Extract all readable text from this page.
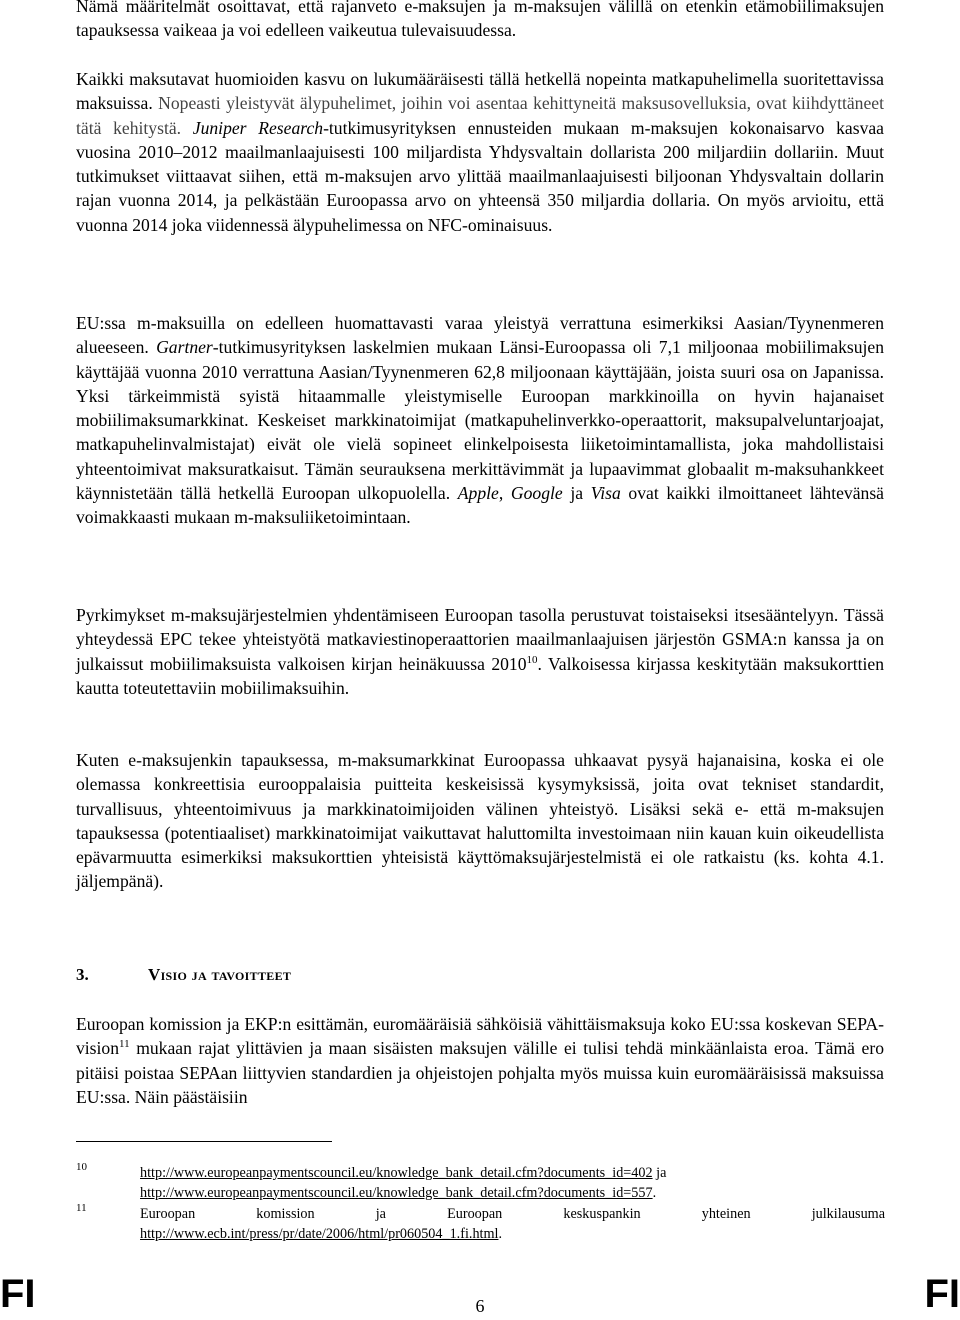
Nämä määritelmät osoittavat, että rajanveto e-maksujen ja m-maksujen välillä on etenkin etämobiilimaksujen tapauksessa vaikeaa ja voi edelleen vaikeutua tulevaisuudessa.

Kaikki maksutavat huomioiden kasvu on lukumääräisesti tällä hetkellä nopeinta matkapuhelimella suoritettavissa maksuissa. Nopeasti yleistyvät älypuhelimet, joihin voi asentaa kehittyneitä maksusovelluksia, ovat kiihdyttäneet tätä kehitystä. Juniper Research-tutkimusyrityksen ennusteiden mukaan m-maksujen kokonaisarvo kasvaa vuosina 2010–2012 maailmanlaajuisesti 100 miljardista Yhdysvaltain dollarista 200 miljardiin dollariin. Muut tutkimukset viittaavat siihen, että m-maksujen arvo ylittää maailmanlaajuisesti biljoonan Yhdysvaltain dollarin rajan vuonna 2014, ja pelkästään Euroopassa arvo on yhteensä 350 miljardia dollaria. On myös arvioitu, että vuonna 2014 joka viidennessä älypuhelimessa on NFC-ominaisuus.

EU:ssa m-maksuilla on edelleen huomattavasti varaa yleistyä verrattuna esimerkiksi Aasian/Tyynenmeren alueeseen. Gartner-tutkimusyrityksen laskelmien mukaan Länsi-Euroopassa oli 7,1 miljoonaa mobiilimaksujen käyttäjää vuonna 2010 verrattuna Aasian/Tyynenmeren 62,8 miljoonaan käyttäjään, joista suuri osa on Japanissa. Yksi tärkeimmistä syistä hitaammalle yleistymiselle Euroopan markkinoilla on hyvin hajanaiset mobiilimaksumarkkinat. Keskeiset markkinatoimijat (matkapuhelinverkko-operaattorit, maksupalveluntarjoajat, matkapuhelinvalmistajat) eivät ole vielä sopineet elinkelpoisesta liiketoimintamallista, joka mahdollistaisi yhteentoimivat maksuratkaisut. Tämän seurauksena merkittävimmät ja lupaavimmat globaalit m-maksuhankkeet käynnistetään tällä hetkellä Euroopan ulkopuolella. Apple, Google ja Visa ovat kaikki ilmoittaneet lähtevänsä voimakkaasti mukaan m-maksuliiketoimintaan.

Pyrkimykset m-maksujärjestelmien yhdentämiseen Euroopan tasolla perustuvat toistaiseksi itsesääntelyyn. Tässä yhteydessä EPC tekee yhteistyötä matkaviestinoperaattorien maailmanlaajuisen järjestön GSMA:n kanssa ja on julkaissut mobiilimaksuista valkoisen kirjan heinäkuussa 2010$^{10}$. Valkoisessa kirjassa keskitytään maksukorttien kautta toteutettaviin mobiilimaksuihin.

Kuten e-maksujenkin tapauksessa, m-maksumarkkinat Euroopassa uhkaavat pysyä hajanaisina, koska ei ole olemassa konkreettisia eurooppalaisia puitteita keskeisissä kysymyksissä, joita ovat tekniset standardit, turvallisuus, yhteentoimivuus ja markkinatoimijoiden välinen yhteistyö. Lisäksi sekä e- että m-maksujen tapauksessa (potentiaaliset) markkinatoimijat vaikuttavat haluttomilta investoimaan niin kauan kuin oikeudellista epävarmuutta esimerkiksi maksukorttien yhteisistä käyttömaksujärjestelmistä ei ole ratkaistu (ks. kohta 4.1. jäljempänä).

3.	Visio ja tavoitteet

Euroopan komission ja EKP:n esittämän, euromääräisiä sähköisiä vähittäismaksuja koko EU:ssa koskevan SEPA-vision$^{11}$ mukaan rajat ylittävien ja maan sisäisten maksujen välille ei tulisi tehdä minkäänlaista eroa. Tämä ero pitäisi poistaa SEPAan liittyvien standardien ja ohjeistojen pohjalta myös muissa kuin euromääräisissä maksuissa EU:ssa. Näin päästäisiin

10	http://www.europeanpaymentscouncil.eu/knowledge_bank_detail.cfm?documents_id=402 ja
http://www.europeanpaymentscouncil.eu/knowledge_bank_detail.cfm?documents_id=557.
11	Euroopan	komission	ja	Euroopan	keskuspankin	yhteinen	julkilausuma
http://www.ecb.int/press/pr/date/2006/html/pr060504_1.fi.html.
FI	6	FI
